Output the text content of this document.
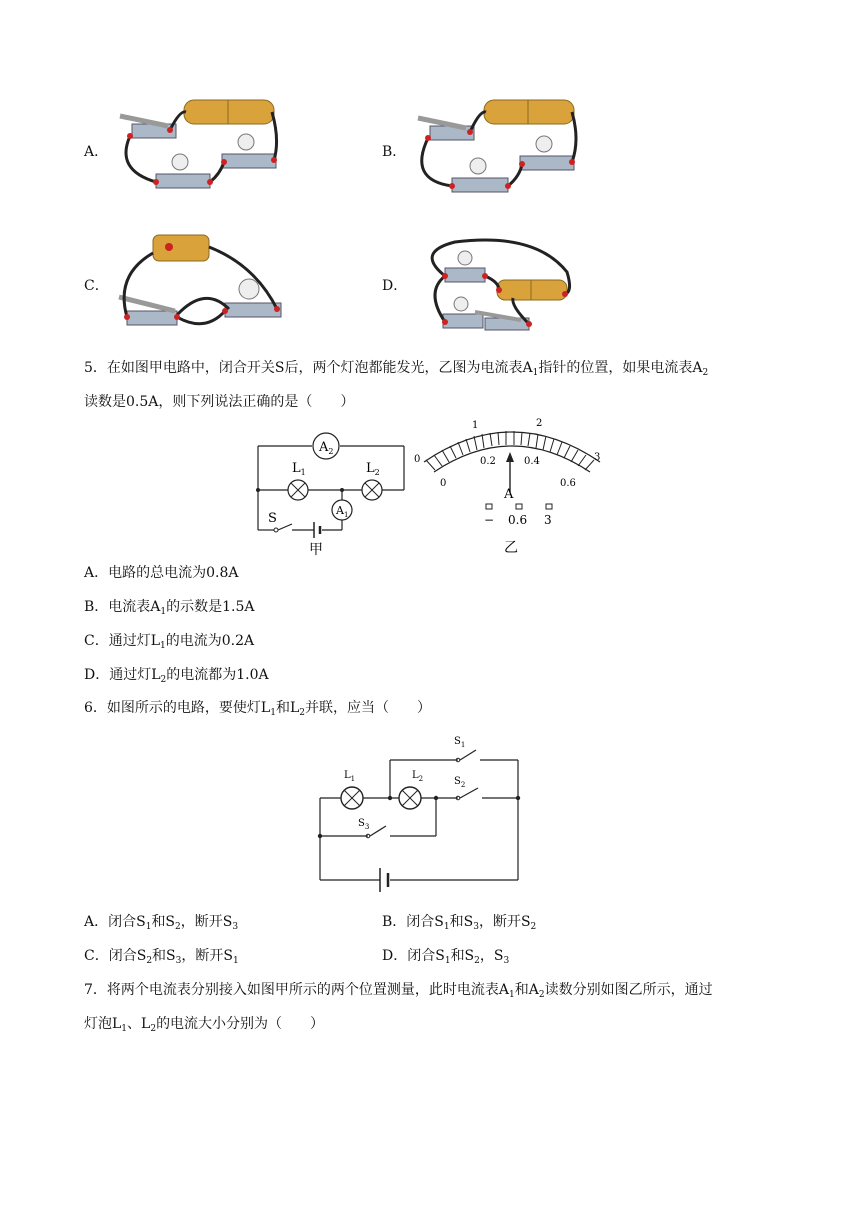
A．	B．
C．	D．
5．在如图甲电路中，闭合开关S后，两个灯泡都能发光，乙图为电流表$A_1$指针的位置，如果电流表$A_2$
读数是0.5A，则下列说法正确的是（　　）
$A_2$
$A_1$
$L_1$	$L_2$
S
甲
0
1	2
3
0
0.2	0.4
0.6
A
− 0.6 3
乙
A．电路的总电流为0.8A
B．电流表$A_1$的示数是1.5A
C．通过灯$L_1$的电流为0.2A
D．通过灯$L_2$的电流都为1.0A
6．如图所示的电路，要使灯$L_1$和$L_2$并联，应当（　　）
$L_1$	$L_2$
$S_1$
$S_2$
$S_3$
A．闭合$S_1$和$S_2$，断开$S_3$	B．闭合$S_1$和$S_3$，断开$S_2$
C．闭合$S_2$和$S_3$，断开$S_1$	D．闭合$S_1$和$S_2$，$S_3$
7．将两个电流表分别接入如图甲所示的两个位置测量，此时电流表$A_1$和$A_2$读数分别如图乙所示，通过
灯泡$L_1$、$L_2$的电流大小分别为（　　）
